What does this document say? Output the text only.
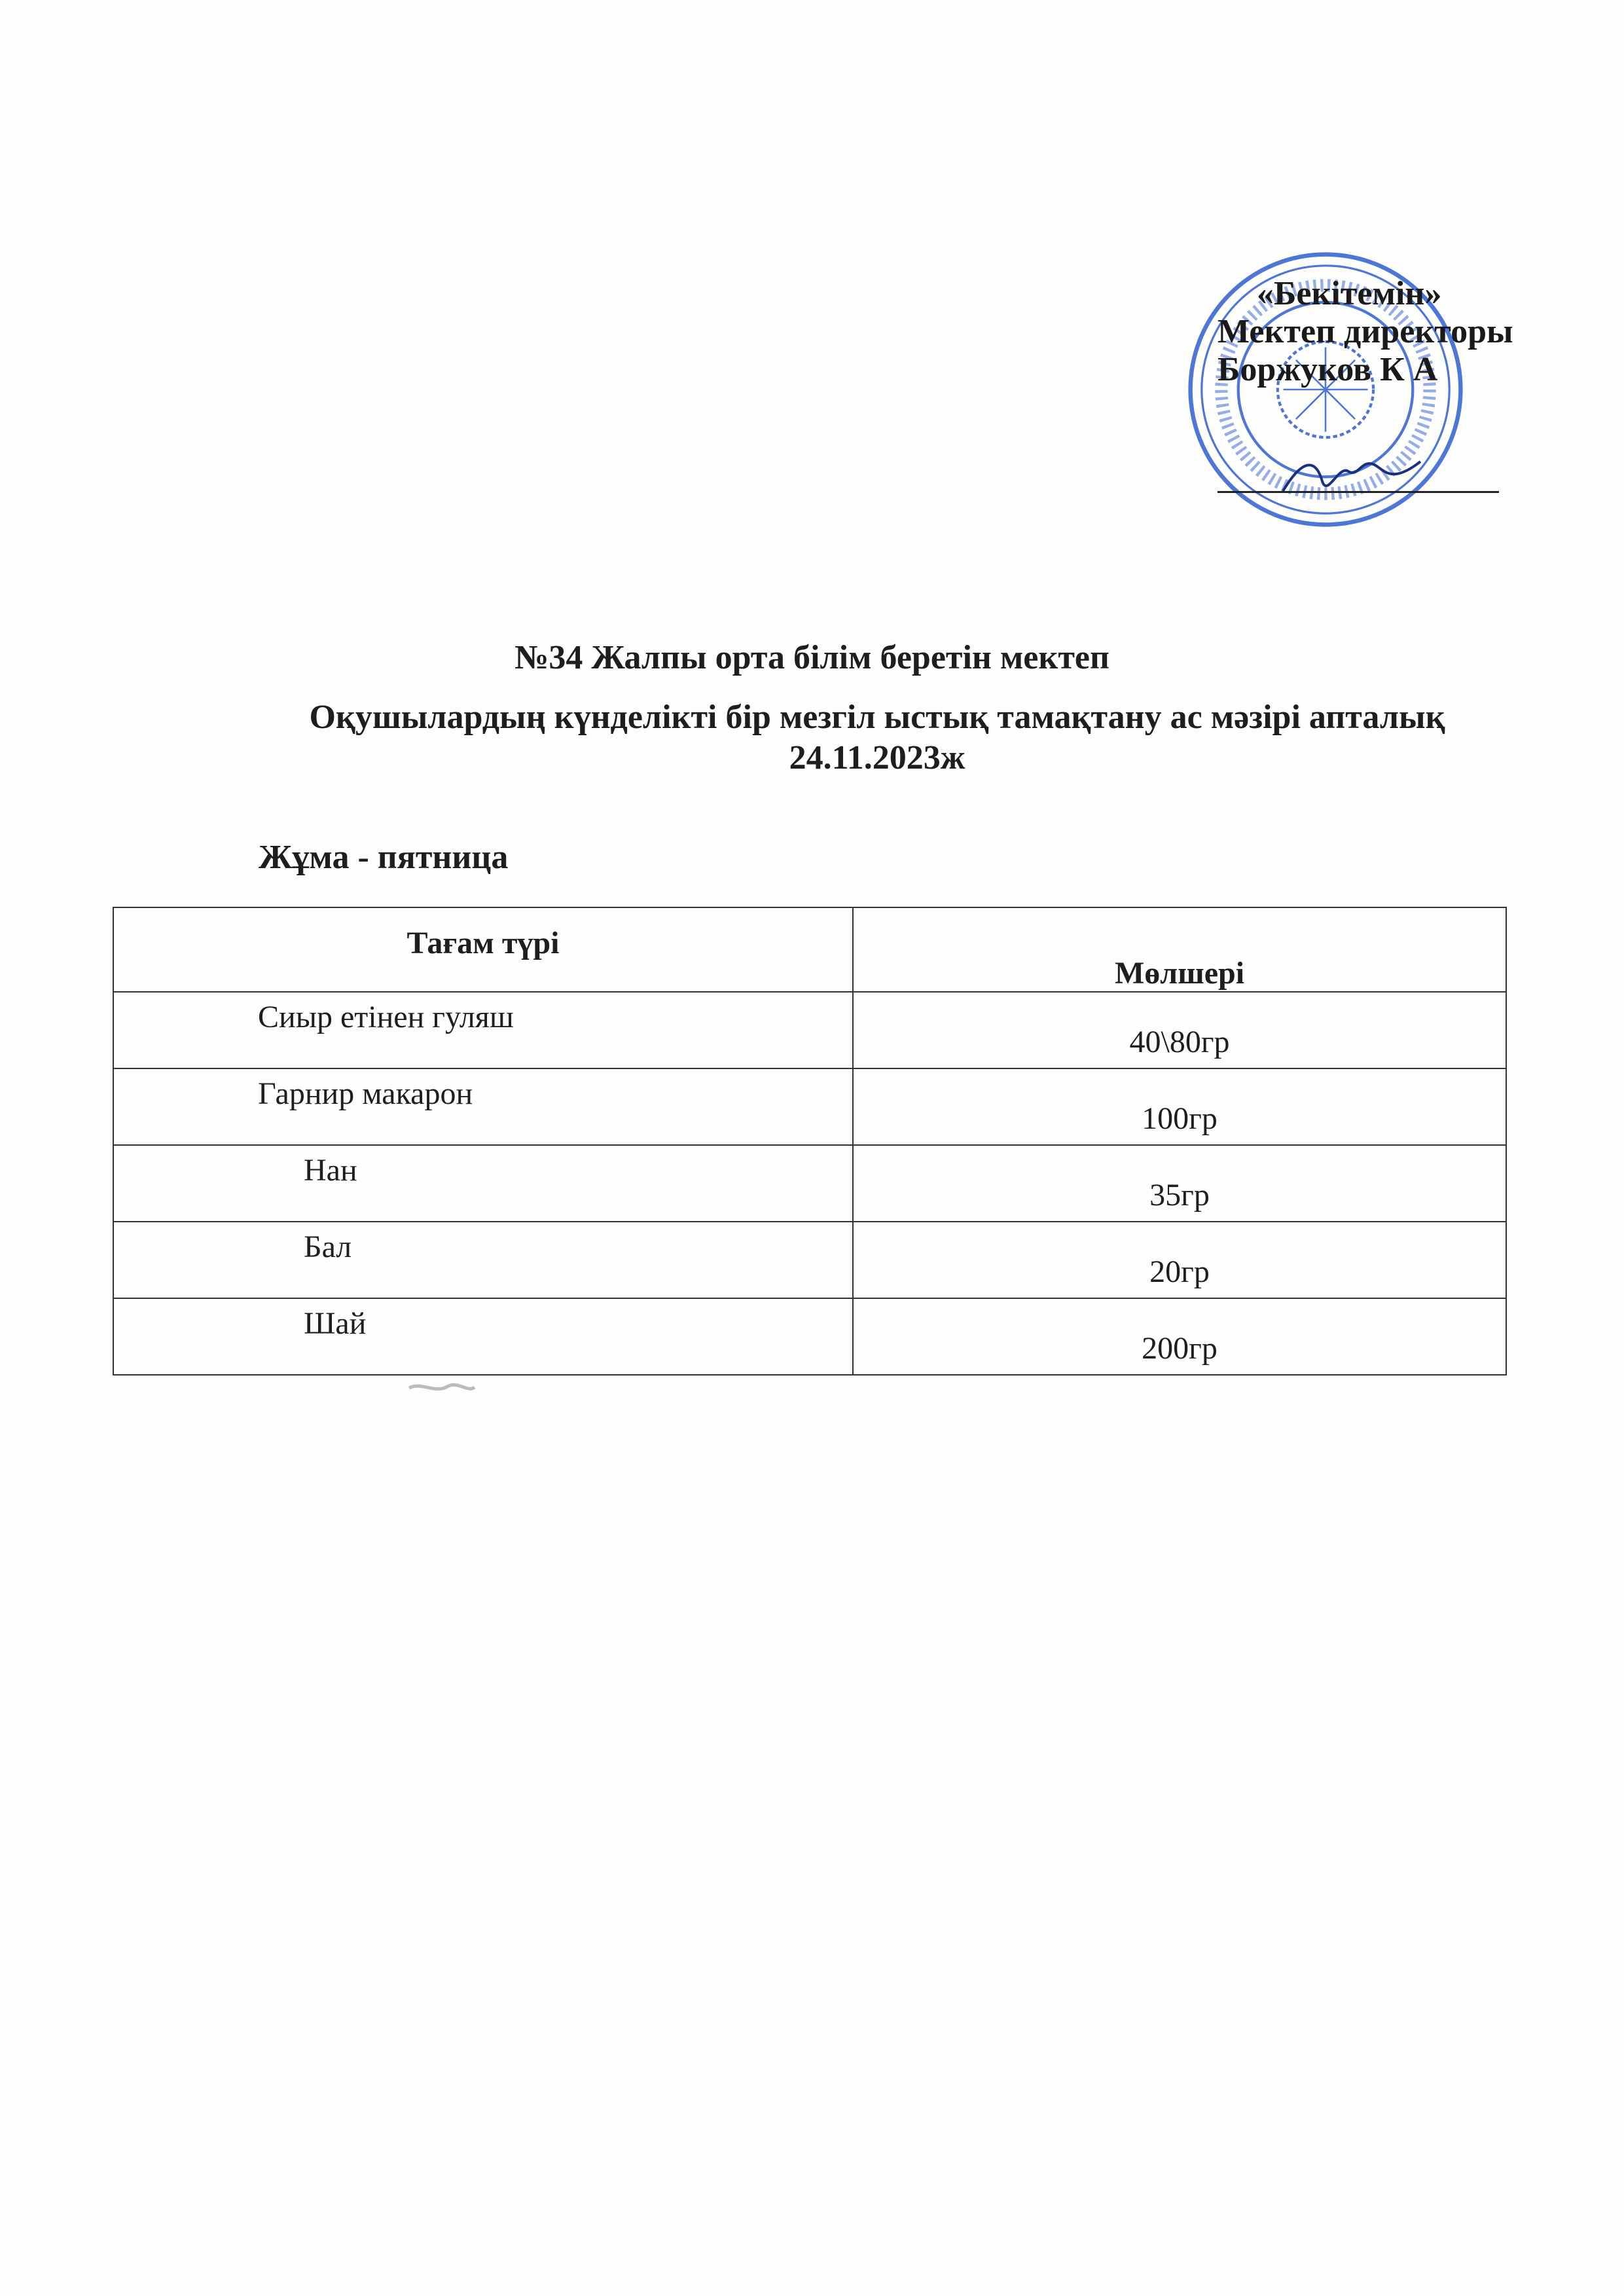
«Бекітемін»
Мектеп директоры
Боржуков К А
№34 Жалпы орта білім беретін мектеп
Оқушылардың күнделікті бір мезгіл ыстық тамақтану ас мәзірі апталық
24.11.2023ж
Жұма - пятница
Тағам түрі	Мөлшері

Сиыр етінен гуляш	40\80гр

Гарнир макарон	100гр

Нан	35гр

Бал	20гр

Шай	200гр
